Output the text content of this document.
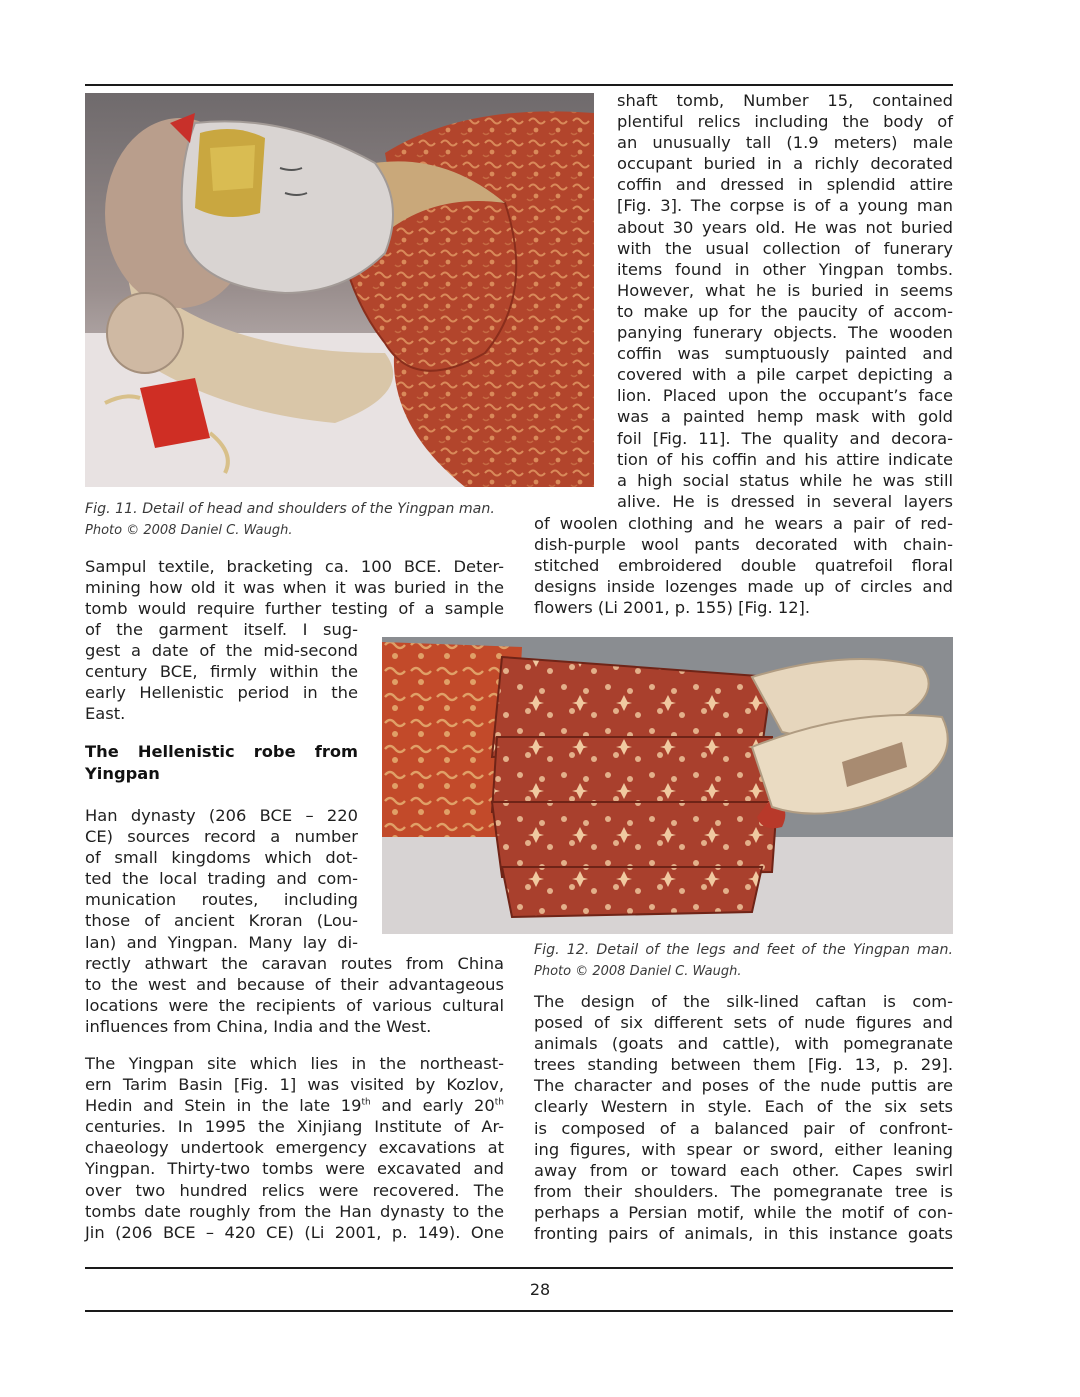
Fig. 11. Detail of head and shoulders of the Yingpan man.
Photo © 2008 Daniel C. Waugh.

shaft tomb, Number 15, contained
plentiful relics including the body of
an unusually tall (1.9 meters) male
occupant buried in a richly decorated
coffin and dressed in splendid attire
[Fig. 3]. The corpse is of a young man
about 30 years old. He was not buried
with the usual collection of funerary
items found in other Yingpan tombs.
However, what he is buried in seems
to make up for the paucity of accom-
panying funerary objects. The wooden
coffin was sumptuously painted and
covered with a pile carpet depicting a
lion. Placed upon the occupant’s face
was a painted hemp mask with gold
foil [Fig. 11]. The quality and decora-
tion of his coffin and his attire indicate
a high social status while he was still
alive. He is dressed in several layers
of woolen clothing and he wears a pair of red-
dish-purple wool pants decorated with chain-
stitched embroidered double quatrefoil floral
designs inside lozenges made up of circles and
flowers (Li 2001, p. 155) [Fig. 12].
Sampul textile, bracketing ca. 100 BCE. Deter-
mining how old it was when it was buried in the
tomb would require further testing of a sample
of the garment itself. I sug-
gest a date of the mid-second
century BCE, firmly within the
early Hellenistic period in the
East.
The Hellenistic robe from
Yingpan
Han dynasty (206 BCE – 220
CE) sources record a number
of small kingdoms which dot-
ted the local trading and com-
munication routes, including
those of ancient Kroran (Lou-
lan) and Yingpan. Many lay di-
rectly athwart the caravan routes from China
to the west and because of their advantageous
locations were the recipients of various cultural
influences from China, India and the West.
The Yingpan site which lies in the northeast-
ern Tarim Basin [Fig. 1] was visited by Kozlov,
Hedin and Stein in the late 19th and early 20th
centuries. In 1995 the Xinjiang Institute of Ar-
chaeology undertook emergency excavations at
Yingpan. Thirty-two tombs were excavated and
over two hundred relics were recovered. The
tombs date roughly from the Han dynasty to the
Jin (206 BCE – 420 CE) (Li 2001, p. 149). One

Fig. 12. Detail of the legs and feet of the Yingpan man.
Photo © 2008 Daniel C. Waugh.

The design of the silk-lined caftan is com-
posed of six different sets of nude figures and
animals (goats and cattle), with pomegranate
trees standing between them [Fig. 13, p. 29].
The character and poses of the nude puttis are
clearly Western in style. Each of the six sets
is composed of a balanced pair of confront-
ing figures, with spear or sword, either leaning
away from or toward each other. Capes swirl
from their shoulders. The pomegranate tree is
perhaps a Persian motif, while the motif of con-
fronting pairs of animals, in this instance goats
28
